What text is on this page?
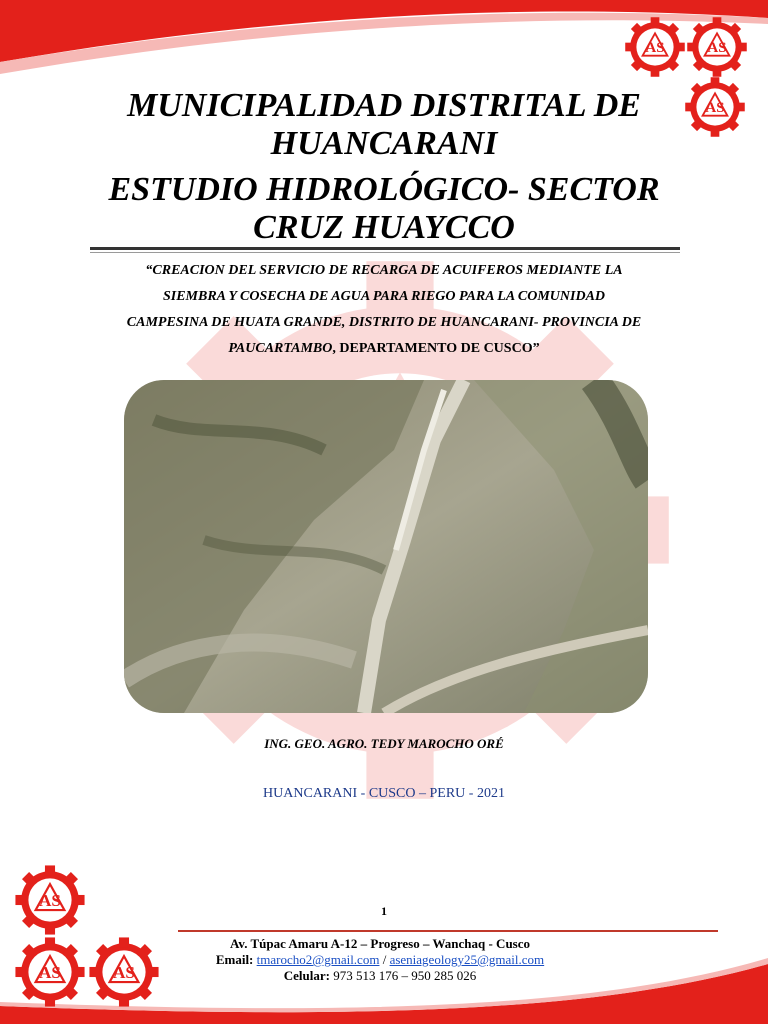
AS AS
AS
MUNICIPALIDAD DISTRITAL DE
HUANCARANI
ESTUDIO HIDROLÓGICO- SECTOR
CRUZ HUAYCCO
“CREACION DEL SERVICIO DE RECARGA DE ACUIFEROS MEDIANTE LA
SIEMBRA Y COSECHA DE AGUA PARA RIEGO PARA LA COMUNIDAD
CAMPESINA DE HUATA GRANDE, DISTRITO DE HUANCARANI- PROVINCIA DE
PAUCARTAMBO, DEPARTAMENTO DE CUSCO”
ING. GEO. AGRO. TEDY MAROCHO ORÉ
HUANCARANI - CUSCO – PERU - 2021
AS
AS AS
1
Av. Túpac Amaru A-12 – Progreso – Wanchaq - Cusco
Email: tmarocho2@gmail.com / aseniageology25@gmail.com
Celular: 973 513 176 – 950 285 026
